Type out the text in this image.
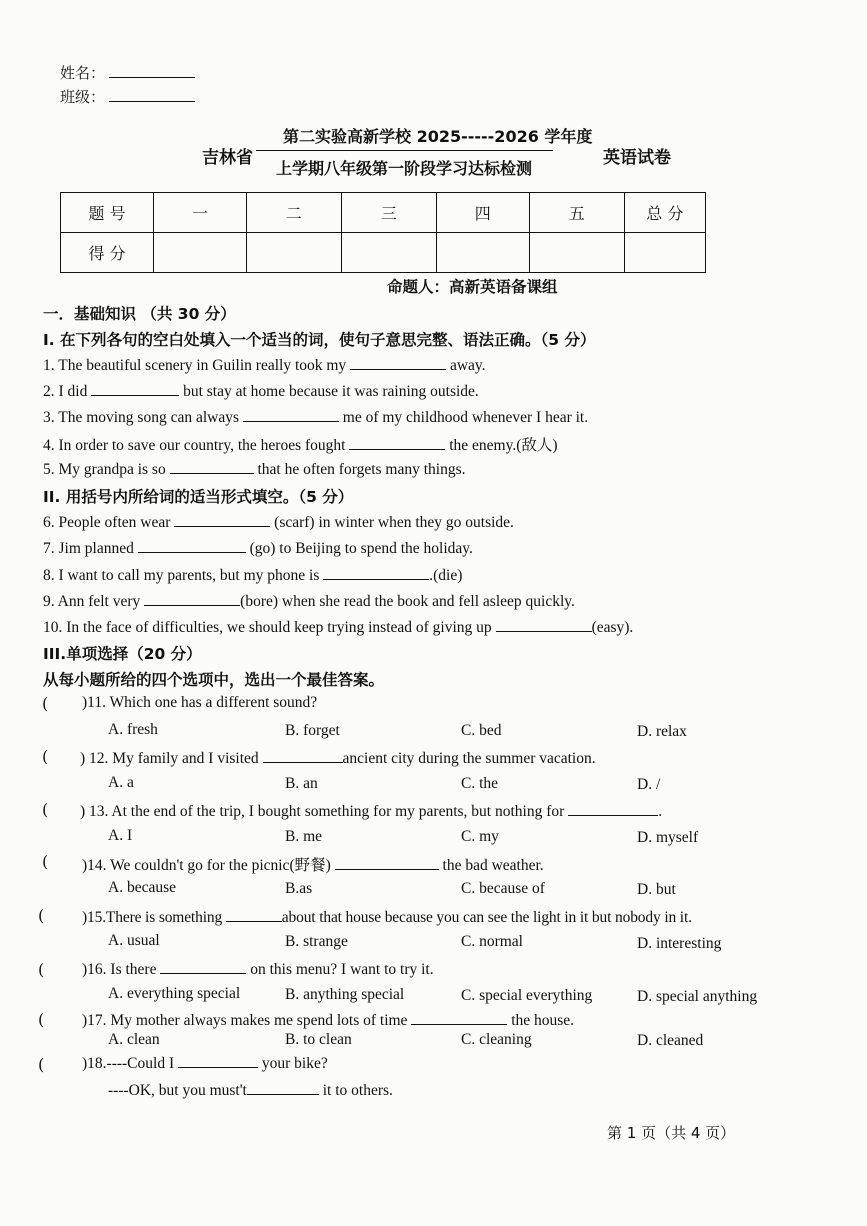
姓名：
班级：
吉林省
第二实验高新学校 2025-----2026 学年度
上学期八年级第一阶段学习达标检测
英语试卷
题 号	一	二	三	四	五	总 分
得 分						
命题人：高新英语备课组
一．基础知识 （共 30 分）
I. 在下列各句的空白处填入一个适当的词，使句子意思完整、语法正确。（5 分）
1. The beautiful scenery in Guilin really took my	away.
2. I did	but stay at home because it was raining outside.
3. The moving song can always	me of my childhood whenever I hear it.
4. In order to save our country, the heroes fought	the enemy.(敌人)
5. My grandpa is so	that he often forgets many things.
II. 用括号内所给词的适当形式填空。（5 分）
6. People often wear	(scarf) in winter when they go outside.
7. Jim planned	(go) to Beijing to spend the holiday.
8. I want to call my parents, but my phone is	.(die)
9. Ann felt very	(bore) when she read the book and fell asleep quickly.
10. In the face of difficulties, we should keep trying instead of giving up	(easy).
III.单项选择（20 分）
从每小题所给的四个选项中，选出一个最佳答案。
( )11. Which one has a different sound?
A. fresh	B. forget	C. bed	D. relax
( ) 12. My family and I visited	ancient city during the summer vacation.
A. a	B. an	C. the	D. /
( ) 13. At the end of the trip, I bought something for my parents, but nothing for	.
A. I	B. me	C. my	D. myself
( )14. We couldn't go for the picnic(野餐)	the bad weather.
A. because	B.as	C. because of	D. but
( )15.There is something	about that house because you can see the light in it but nobody in it.
A. usual	B. strange	C. normal	D. interesting
( )16. Is there	on this menu? I want to try it.
A. everything special	B. anything special	C. special everything	D. special anything
( )17. My mother always makes me spend lots of time	the house.
A. clean	B. to clean	C. cleaning	D. cleaned
( )18.----Could I	your bike?
----OK, but you must't	it to others.
第 1 页（共 4 页）
